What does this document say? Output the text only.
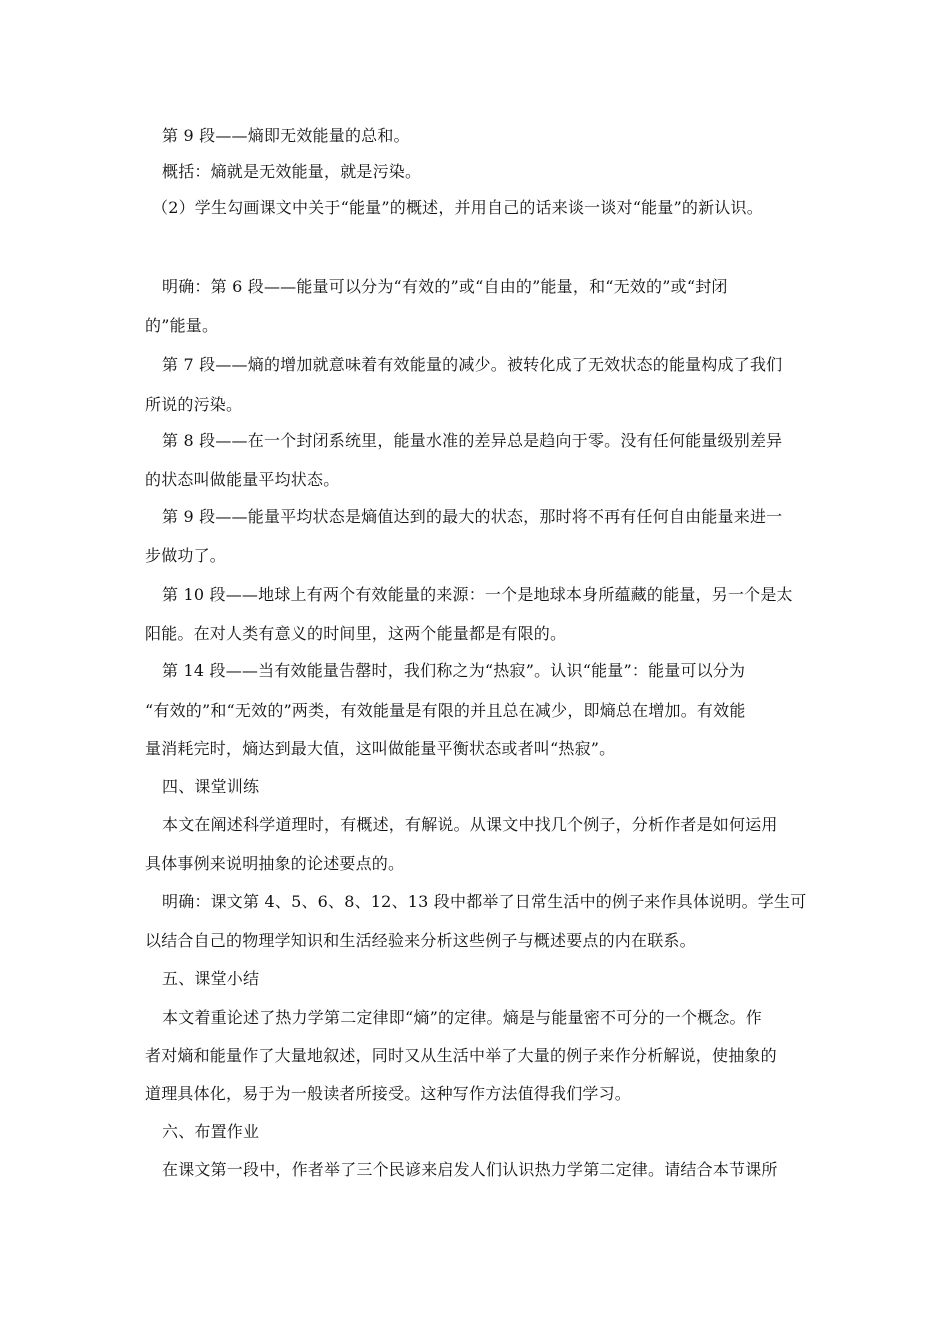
第 9 段——熵即无效能量的总和。
概括：熵就是无效能量，就是污染。
（2）学生勾画课文中关于“能量”的概述，并用自己的话来谈一谈对“能量”的新认识。
明确：第 6 段——能量可以分为“有效的”或“自由的”能量，和“无效的”或“封闭
的”能量。
第 7 段——熵的增加就意味着有效能量的减少。被转化成了无效状态的能量构成了我们
所说的污染。
第 8 段——在一个封闭系统里，能量水准的差异总是趋向于零。没有任何能量级别差异
的状态叫做能量平均状态。
第 9 段——能量平均状态是熵值达到的最大的状态，那时将不再有任何自由能量来进一
步做功了。
第 10 段——地球上有两个有效能量的来源：一个是地球本身所蕴藏的能量，另一个是太
阳能。在对人类有意义的时间里，这两个能量都是有限的。
第 14 段——当有效能量告罄时，我们称之为“热寂”。认识“能量”：能量可以分为
“有效的”和“无效的”两类，有效能量是有限的并且总在减少，即熵总在增加。有效能
量消耗完时，熵达到最大值，这叫做能量平衡状态或者叫“热寂”。
四、课堂训练
本文在阐述科学道理时，有概述，有解说。从课文中找几个例子，分析作者是如何运用
具体事例来说明抽象的论述要点的。
明确：课文第 4、5、6、8、12、13 段中都举了日常生活中的例子来作具体说明。学生可
以结合自己的物理学知识和生活经验来分析这些例子与概述要点的内在联系。
五、课堂小结
本文着重论述了热力学第二定律即“熵”的定律。熵是与能量密不可分的一个概念。作
者对熵和能量作了大量地叙述，同时又从生活中举了大量的例子来作分析解说，使抽象的
道理具体化，易于为一般读者所接受。这种写作方法值得我们学习。
六、布置作业
在课文第一段中，作者举了三个民谚来启发人们认识热力学第二定律。请结合本节课所
